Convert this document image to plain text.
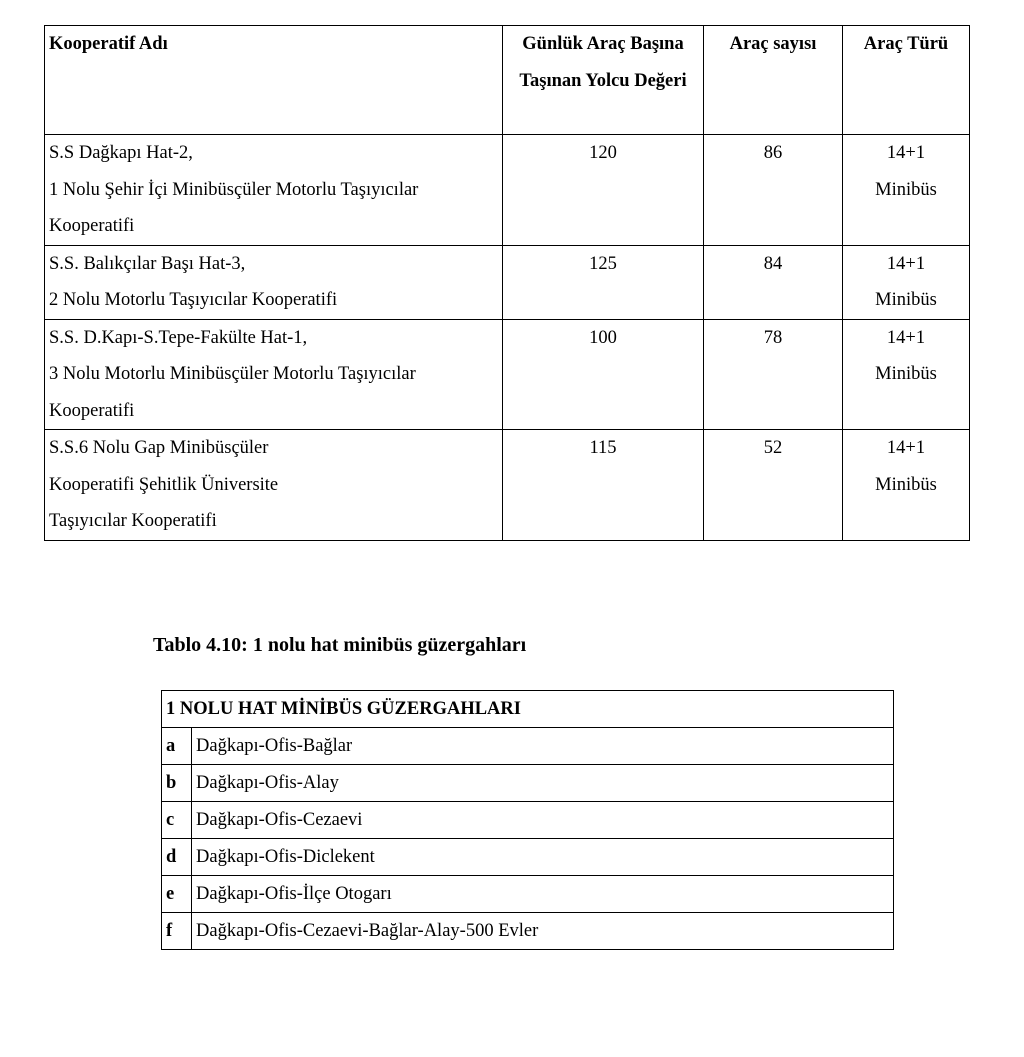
Kooperatif Adı	Günlük Araç Başına Taşınan Yolcu Değeri	Araç sayısı	Araç Türü

S.S Dağkapı Hat-2,
1 Nolu Şehir İçi Minibüsçüler Motorlu Taşıyıcılar
Kooperatifi	120	86	14+1
Minibüs

S.S. Balıkçılar Başı Hat-3,
2 Nolu Motorlu Taşıyıcılar Kooperatifi	125	84	14+1
Minibüs

S.S. D.Kapı-S.Tepe-Fakülte Hat-1,
3 Nolu Motorlu Minibüsçüler Motorlu Taşıyıcılar
Kooperatifi	100	78	14+1
Minibüs

S.S.6 Nolu Gap Minibüsçüler
Kooperatifi Şehitlik Üniversite
Taşıyıcılar Kooperatifi	115	52	14+1
Minibüs

Tablo 4.10: 1 nolu hat minibüs güzergahları

1 NOLU HAT MİNİBÜS GÜZERGAHLARI	
a	Dağkapı-Ofis-Bağlar
b	Dağkapı-Ofis-Alay
c	Dağkapı-Ofis-Cezaevi
d	Dağkapı-Ofis-Diclekent
e	Dağkapı-Ofis-İlçe Otogarı
f	Dağkapı-Ofis-Cezaevi-Bağlar-Alay-500 Evler
